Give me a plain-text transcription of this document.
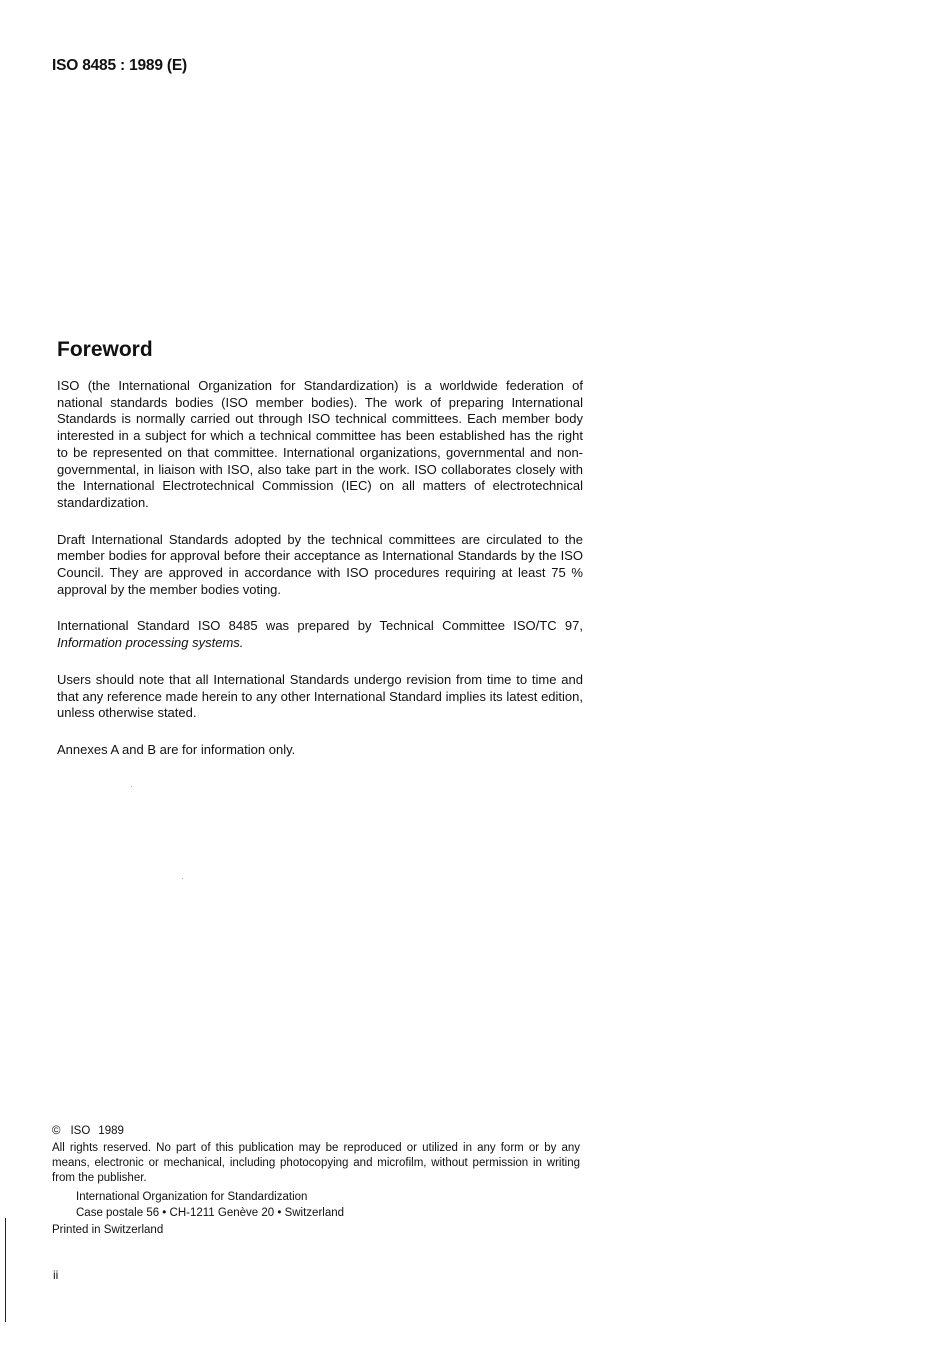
ISO 8485 : 1989 (E)

Foreword

ISO (the International Organization for Standardization) is a worldwide federation of national standards bodies (ISO member bodies). The work of preparing International Standards is normally carried out through ISO technical committees. Each member body interested in a subject for which a technical committee has been established has the right to be represented on that committee. International organizations, governmental and non-governmental, in liaison with ISO, also take part in the work. ISO collaborates closely with the International Electrotechnical Commission (IEC) on all matters of electrotechnical standardization.

Draft International Standards adopted by the technical committees are circulated to the member bodies for approval before their acceptance as International Standards by the ISO Council. They are approved in accordance with ISO procedures requiring at least 75 % approval by the member bodies voting.

International Standard ISO 8485 was prepared by Technical Committee ISO/TC 97, Information processing systems.

Users should note that all International Standards undergo revision from time to time and that any reference made herein to any other International Standard implies its latest edition, unless otherwise stated.

Annexes A and B are for information only.

© ISO 1989

All rights reserved. No part of this publication may be reproduced or utilized in any form or by any means, electronic or mechanical, including photocopying and microfilm, without permission in writing from the publisher.

International Organization for Standardization
Case postale 56 • CH-1211 Genève 20 • Switzerland

Printed in Switzerland

ii
